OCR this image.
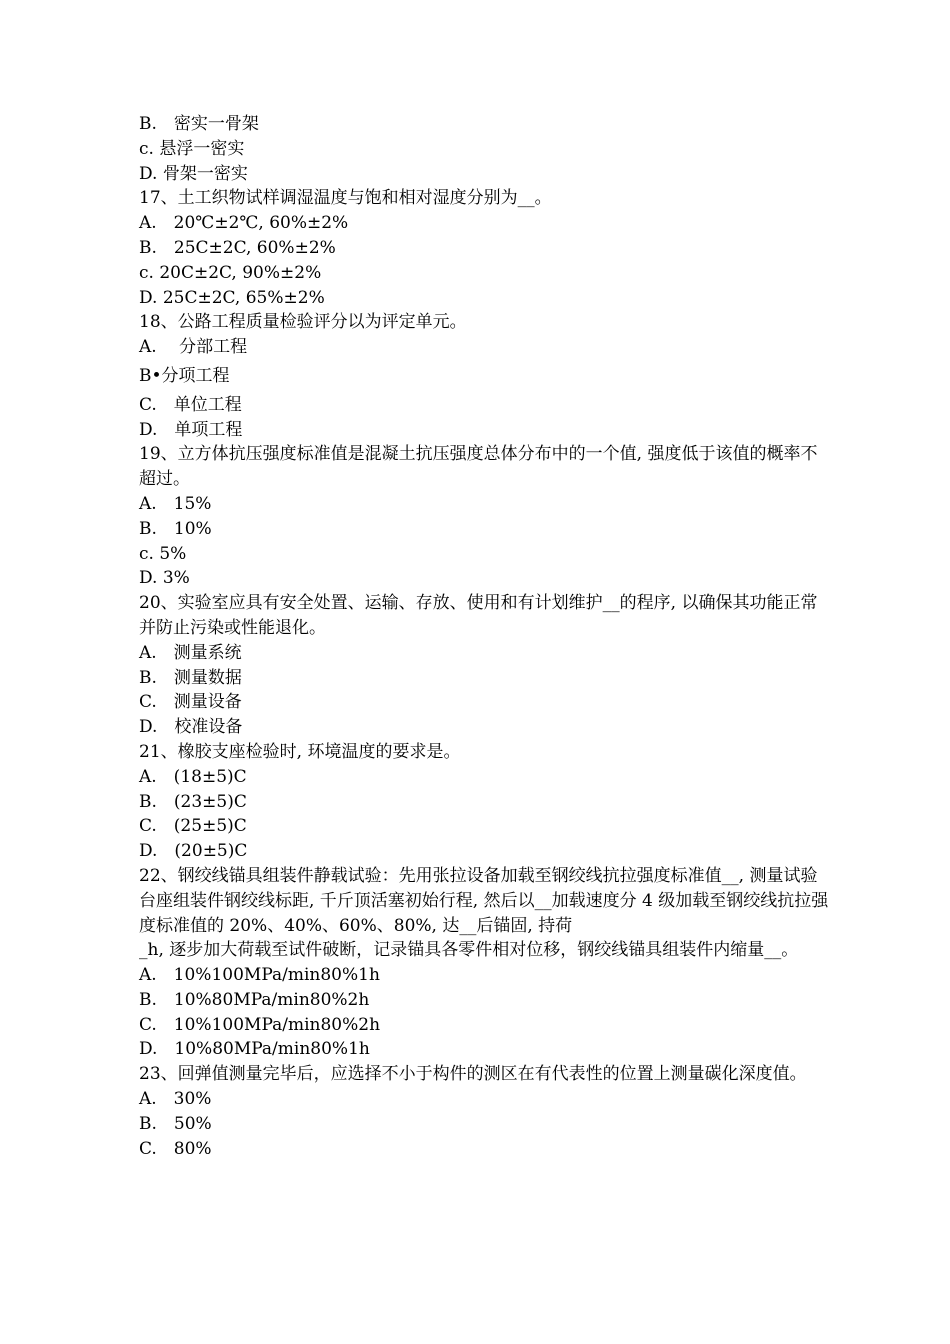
B.　密实一骨架
c. 悬浮一密实
D. 骨架一密实
17、土工织物试样调湿温度与饱和相对湿度分别为__。
A.　20℃±2℃, 60%±2%
B.　25C±2C, 60%±2%
c. 20C±2C, 90%±2%
D. 25C±2C, 65%±2%
18、公路工程质量检验评分以为评定单元。
A.　 分部工程
B•分项工程
C.　单位工程
D.　单项工程
19、立方体抗压强度标准值是混凝土抗压强度总体分布中的一个值, 强度低于该值的概率不超过。
A.　15%
B.　10%
c. 5%
D. 3%
20、实验室应具有安全处置、运输、存放、使用和有计划维护__的程序, 以确保其功能正常并防止污染或性能退化。
A.　测量系统
B.　测量数据
C.　测量设备
D.　校准设备
21、橡胶支座检验时, 环境温度的要求是。
A.　(18±5)C
B.　(23±5)C
C.　(25±5)C
D.　(20±5)C
22、钢绞线锚具组装件静载试验：先用张拉设备加载至钢绞线抗拉强度标准值__, 测量试验台座组装件钢绞线标距, 千斤顶活塞初始行程, 然后以__加载速度分 4 级加载至钢绞线抗拉强度标准值的 20%、40%、60%、80%, 达__后锚固, 持荷
_h, 逐步加大荷载至试件破断，记录锚具各零件相对位移，钢绞线锚具组装件内缩量__。
A.　10%100MPa/min80%1h
B.　10%80MPa/min80%2h
C.　10%100MPa/min80%2h
D.　10%80MPa/min80%1h
23、回弹值测量完毕后，应选择不小于构件的测区在有代表性的位置上测量碳化深度值。
A.　30%
B.　50%
C.　80%
